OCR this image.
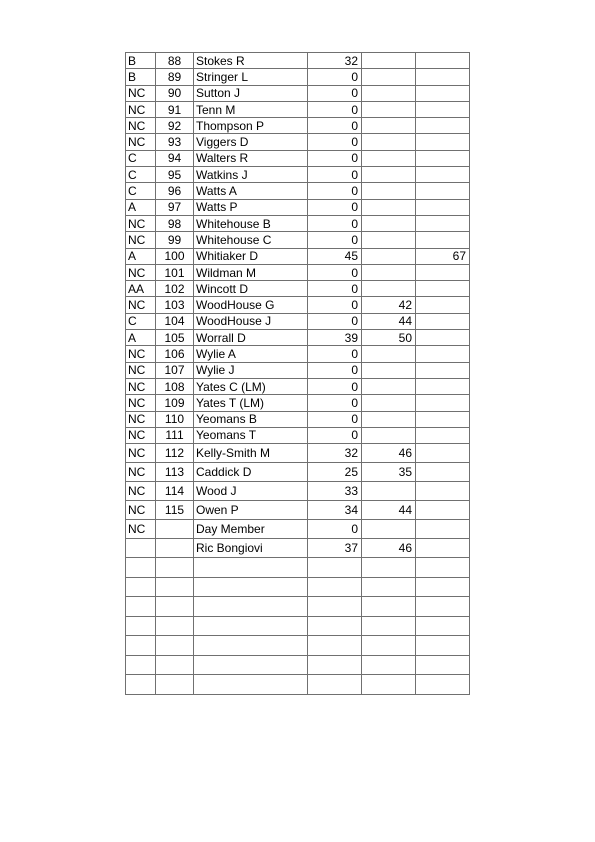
B	88	Stokes R	32		
B	89	Stringer L	0		
NC	90	Sutton J	0		
NC	91	Tenn M	0		
NC	92	Thompson P	0		
NC	93	Viggers D	0		
C	94	Walters R	0		
C	95	Watkins J	0		
C	96	Watts A	0		
A	97	Watts P	0		
NC	98	Whitehouse B	0		
NC	99	Whitehouse C	0		
A	100	Whitiaker D	45		67
NC	101	Wildman M	0		
AA	102	Wincott D	0		
NC	103	WoodHouse G	0	42	
C	104	WoodHouse J	0	44	
A	105	Worrall D	39	50	
NC	106	Wylie A	0		
NC	107	Wylie J	0		
NC	108	Yates C (LM)	0		
NC	109	Yates T (LM)	0		
NC	110	Yeomans B	0		
NC	111	Yeomans T	0		
NC	112	Kelly-Smith M	32	46	
NC	113	Caddick D	25	35	
NC	114	Wood J	33		
NC	115	Owen P	34	44	
NC		Day Member	0		
		Ric Bongiovi	37	46	
